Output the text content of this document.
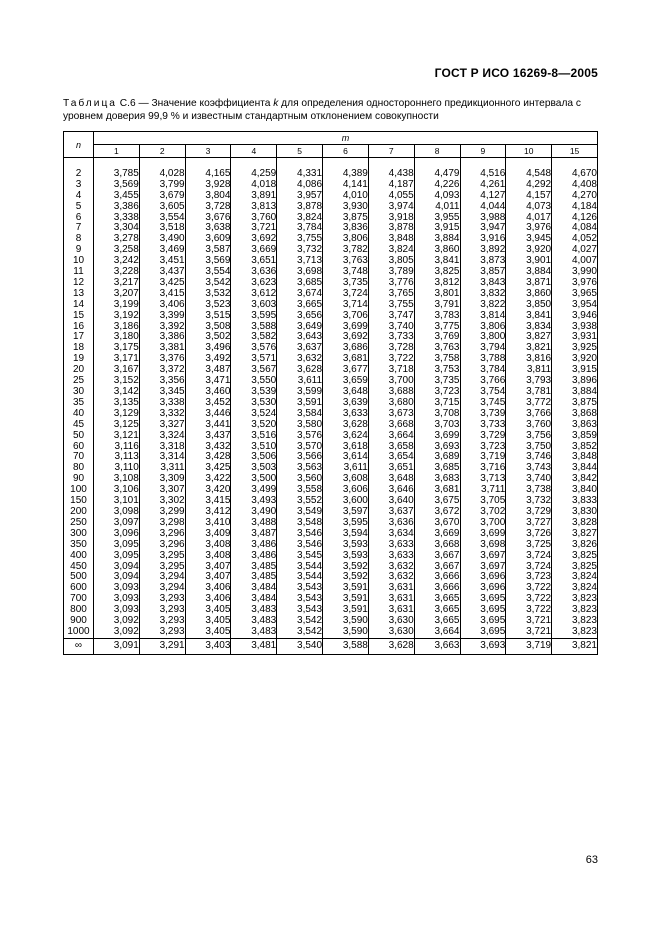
ГОСТ Р ИСО 16269-8—2005
Таблица C.6 — Значение коэффициента k для определения одностороннего предикционного интервала с уровнем доверия 99,9 % и известным стандартным отклонением совокупности
n	m										
	1	2	3	4	5	6	7	8	9	10	15

2	3,785	4,028	4,165	4,259	4,331	4,389	4,438	4,479	4,516	4,548	4,670
3	3,569	3,799	3,928	4,018	4,086	4,141	4,187	4,226	4,261	4,292	4,408
4	3,455	3,679	3,804	3,891	3,957	4,010	4,055	4,093	4,127	4,157	4,270
5	3,386	3,605	3,728	3,813	3,878	3,930	3,974	4,011	4,044	4,073	4,184
6	3,338	3,554	3,676	3,760	3,824	3,875	3,918	3,955	3,988	4,017	4,126
7	3,304	3,518	3,638	3,721	3,784	3,836	3,878	3,915	3,947	3,976	4,084
8	3,278	3,490	3,609	3,692	3,755	3,806	3,848	3,884	3,916	3,945	4,052
9	3,258	3,469	3,587	3,669	3,732	3,782	3,824	3,860	3,892	3,920	4,027
10	3,242	3,451	3,569	3,651	3,713	3,763	3,805	3,841	3,873	3,901	4,007
11	3,228	3,437	3,554	3,636	3,698	3,748	3,789	3,825	3,857	3,884	3,990
12	3,217	3,425	3,542	3,623	3,685	3,735	3,776	3,812	3,843	3,871	3,976
13	3,207	3,415	3,532	3,612	3,674	3,724	3,765	3,801	3,832	3,860	3,965
14	3,199	3,406	3,523	3,603	3,665	3,714	3,755	3,791	3,822	3,850	3,954
15	3,192	3,399	3,515	3,595	3,656	3,706	3,747	3,783	3,814	3,841	3,946
16	3,186	3,392	3,508	3,588	3,649	3,699	3,740	3,775	3,806	3,834	3,938
17	3,180	3,386	3,502	3,582	3,643	3,692	3,733	3,769	3,800	3,827	3,931
18	3,175	3,381	3,496	3,576	3,637	3,686	3,728	3,763	3,794	3,821	3,925
19	3,171	3,376	3,492	3,571	3,632	3,681	3,722	3,758	3,788	3,816	3,920
20	3,167	3,372	3,487	3,567	3,628	3,677	3,718	3,753	3,784	3,811	3,915
25	3,152	3,356	3,471	3,550	3,611	3,659	3,700	3,735	3,766	3,793	3,896
30	3,142	3,345	3,460	3,539	3,599	3,648	3,688	3,723	3,754	3,781	3,884
35	3,135	3,338	3,452	3,530	3,591	3,639	3,680	3,715	3,745	3,772	3,875
40	3,129	3,332	3,446	3,524	3,584	3,633	3,673	3,708	3,739	3,766	3,868
45	3,125	3,327	3,441	3,520	3,580	3,628	3,668	3,703	3,733	3,760	3,863
50	3,121	3,324	3,437	3,516	3,576	3,624	3,664	3,699	3,729	3,756	3,859
60	3,116	3,318	3,432	3,510	3,570	3,618	3,658	3,693	3,723	3,750	3,852
70	3,113	3,314	3,428	3,506	3,566	3,614	3,654	3,689	3,719	3,746	3,848
80	3,110	3,311	3,425	3,503	3,563	3,611	3,651	3,685	3,716	3,743	3,844
90	3,108	3,309	3,422	3,500	3,560	3,608	3,648	3,683	3,713	3,740	3,842
100	3,106	3,307	3,420	3,499	3,558	3,606	3,646	3,681	3,711	3,738	3,840
150	3,101	3,302	3,415	3,493	3,552	3,600	3,640	3,675	3,705	3,732	3,833
200	3,098	3,299	3,412	3,490	3,549	3,597	3,637	3,672	3,702	3,729	3,830
250	3,097	3,298	3,410	3,488	3,548	3,595	3,636	3,670	3,700	3,727	3,828
300	3,096	3,296	3,409	3,487	3,546	3,594	3,634	3,669	3,699	3,726	3,827
350	3,095	3,296	3,408	3,486	3,546	3,593	3,633	3,668	3,698	3,725	3,826
400	3,095	3,295	3,408	3,486	3,545	3,593	3,633	3,667	3,697	3,724	3,825
450	3,094	3,295	3,407	3,485	3,544	3,592	3,632	3,667	3,697	3,724	3,825
500	3,094	3,294	3,407	3,485	3,544	3,592	3,632	3,666	3,696	3,723	3,824
600	3,093	3,294	3,406	3,484	3,543	3,591	3,631	3,666	3,696	3,722	3,824
700	3,093	3,293	3,406	3,484	3,543	3,591	3,631	3,665	3,695	3,722	3,823
800	3,093	3,293	3,405	3,483	3,543	3,591	3,631	3,665	3,695	3,722	3,823
900	3,092	3,293	3,405	3,483	3,542	3,590	3,630	3,665	3,695	3,721	3,823
1000	3,092	3,293	3,405	3,483	3,542	3,590	3,630	3,664	3,695	3,721	3,823
∞	3,091	3,291	3,403	3,481	3,540	3,588	3,628	3,663	3,693	3,719	3,821
63
